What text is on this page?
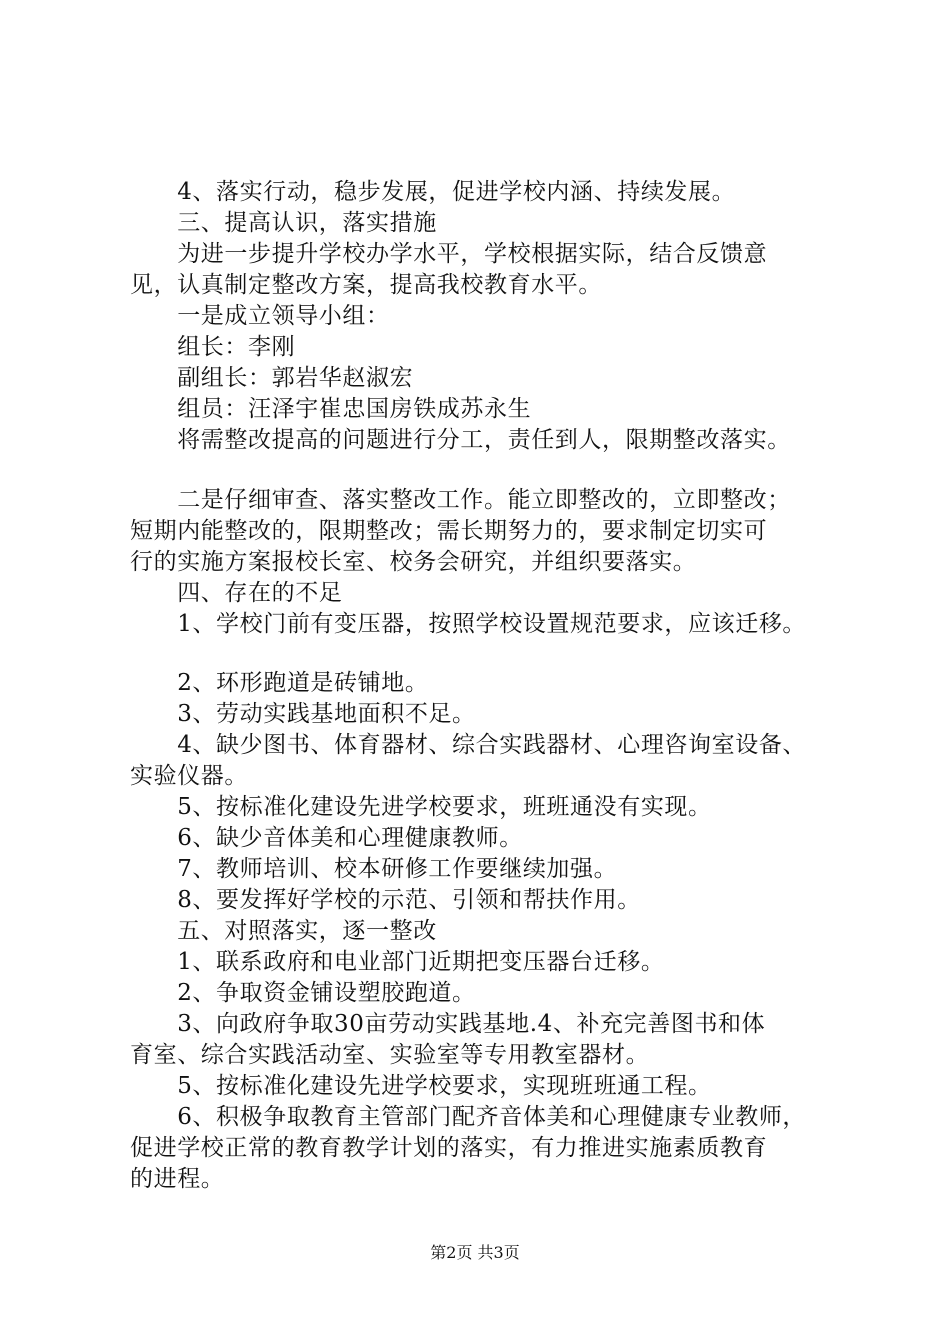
　　4、落实行动，稳步发展，促进学校内涵、持续发展。
　　三、提高认识，落实措施
　　为进一步提升学校办学水平，学校根据实际，结合反馈意
见，认真制定整改方案，提高我校教育水平。
　　一是成立领导小组：
　　组长：李刚
　　副组长：郭岩华赵淑宏
　　组员：汪泽宇崔忠国房铁成苏永生
　　将需整改提高的问题进行分工，责任到人，限期整改落实。
　　二是仔细审查、落实整改工作。能立即整改的，立即整改；
短期内能整改的，限期整改；需长期努力的，要求制定切实可
行的实施方案报校长室、校务会研究，并组织要落实。
　　四、存在的不足
　　1、学校门前有变压器，按照学校设置规范要求，应该迁移。
　　2、环形跑道是砖铺地。
　　3、劳动实践基地面积不足。
　　4、缺少图书、体育器材、综合实践器材、心理咨询室设备、
实验仪器。
　　5、按标准化建设先进学校要求，班班通没有实现。
　　6、缺少音体美和心理健康教师。
　　7、教师培训、校本研修工作要继续加强。
　　8、要发挥好学校的示范、引领和帮扶作用。
　　五、对照落实，逐一整改
　　1、联系政府和电业部门近期把变压器台迁移。
　　2、争取资金铺设塑胶跑道。
　　3、向政府争取30亩劳动实践基地.4、补充完善图书和体
育室、综合实践活动室、实验室等专用教室器材。
　　5、按标准化建设先进学校要求，实现班班通工程。
　　6、积极争取教育主管部门配齐音体美和心理健康专业教师，
促进学校正常的教育教学计划的落实，有力推进实施素质教育
的进程。
第2页 共3页
